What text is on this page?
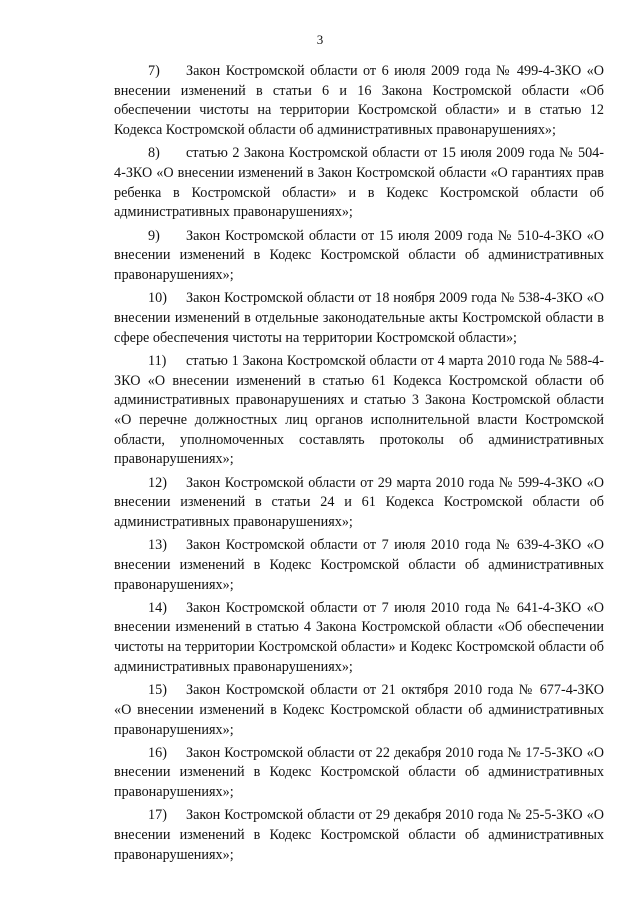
3

7) Закон Костромской области от 6 июля 2009 года № 499-4-ЗКО «О внесении изменений в статьи 6 и 16 Закона Костромской области «Об обеспечении чистоты на территории Костромской области» и в статью 12 Кодекса Костромской области об административных правонарушениях»;

8) статью 2 Закона Костромской области от 15 июля 2009 года № 504-4-ЗКО «О внесении изменений в Закон Костромской области «О гарантиях прав ребенка в Костромской области» и в Кодекс Костромской области об административных правонарушениях»;

9) Закон Костромской области от 15 июля 2009 года № 510-4-ЗКО «О внесении изменений в Кодекс Костромской области об административных правонарушениях»;

10) Закон Костромской области от 18 ноября 2009 года № 538-4-ЗКО «О внесении изменений в отдельные законодательные акты Костромской области в сфере обеспечения чистоты на территории Костромской области»;

11) статью 1 Закона Костромской области от 4 марта 2010 года № 588-4-ЗКО «О внесении изменений в статью 61 Кодекса Костромской области об административных правонарушениях и статью 3 Закона Костромской области «О перечне должностных лиц органов исполнительной власти Костромской области, уполномоченных составлять протоколы об административных правонарушениях»;

12) Закон Костромской области от 29 марта 2010 года № 599-4-ЗКО «О внесении изменений в статьи 24 и 61 Кодекса Костромской области об административных правонарушениях»;

13) Закон Костромской области от 7 июля 2010 года № 639-4-ЗКО «О внесении изменений в Кодекс Костромской области об административных правонарушениях»;

14) Закон Костромской области от 7 июля 2010 года № 641-4-ЗКО «О внесении изменений в статью 4 Закона Костромской области «Об обеспечении чистоты на территории Костромской области» и Кодекс Костромской области об административных правонарушениях»;

15) Закон Костромской области от 21 октября 2010 года № 677-4-ЗКО «О внесении изменений в Кодекс Костромской области об административных правонарушениях»;

16) Закон Костромской области от 22 декабря 2010 года № 17-5-ЗКО «О внесении изменений в Кодекс Костромской области об административных правонарушениях»;

17) Закон Костромской области от 29 декабря 2010 года № 25-5-ЗКО «О внесении изменений в Кодекс Костромской области об административных правонарушениях»;
